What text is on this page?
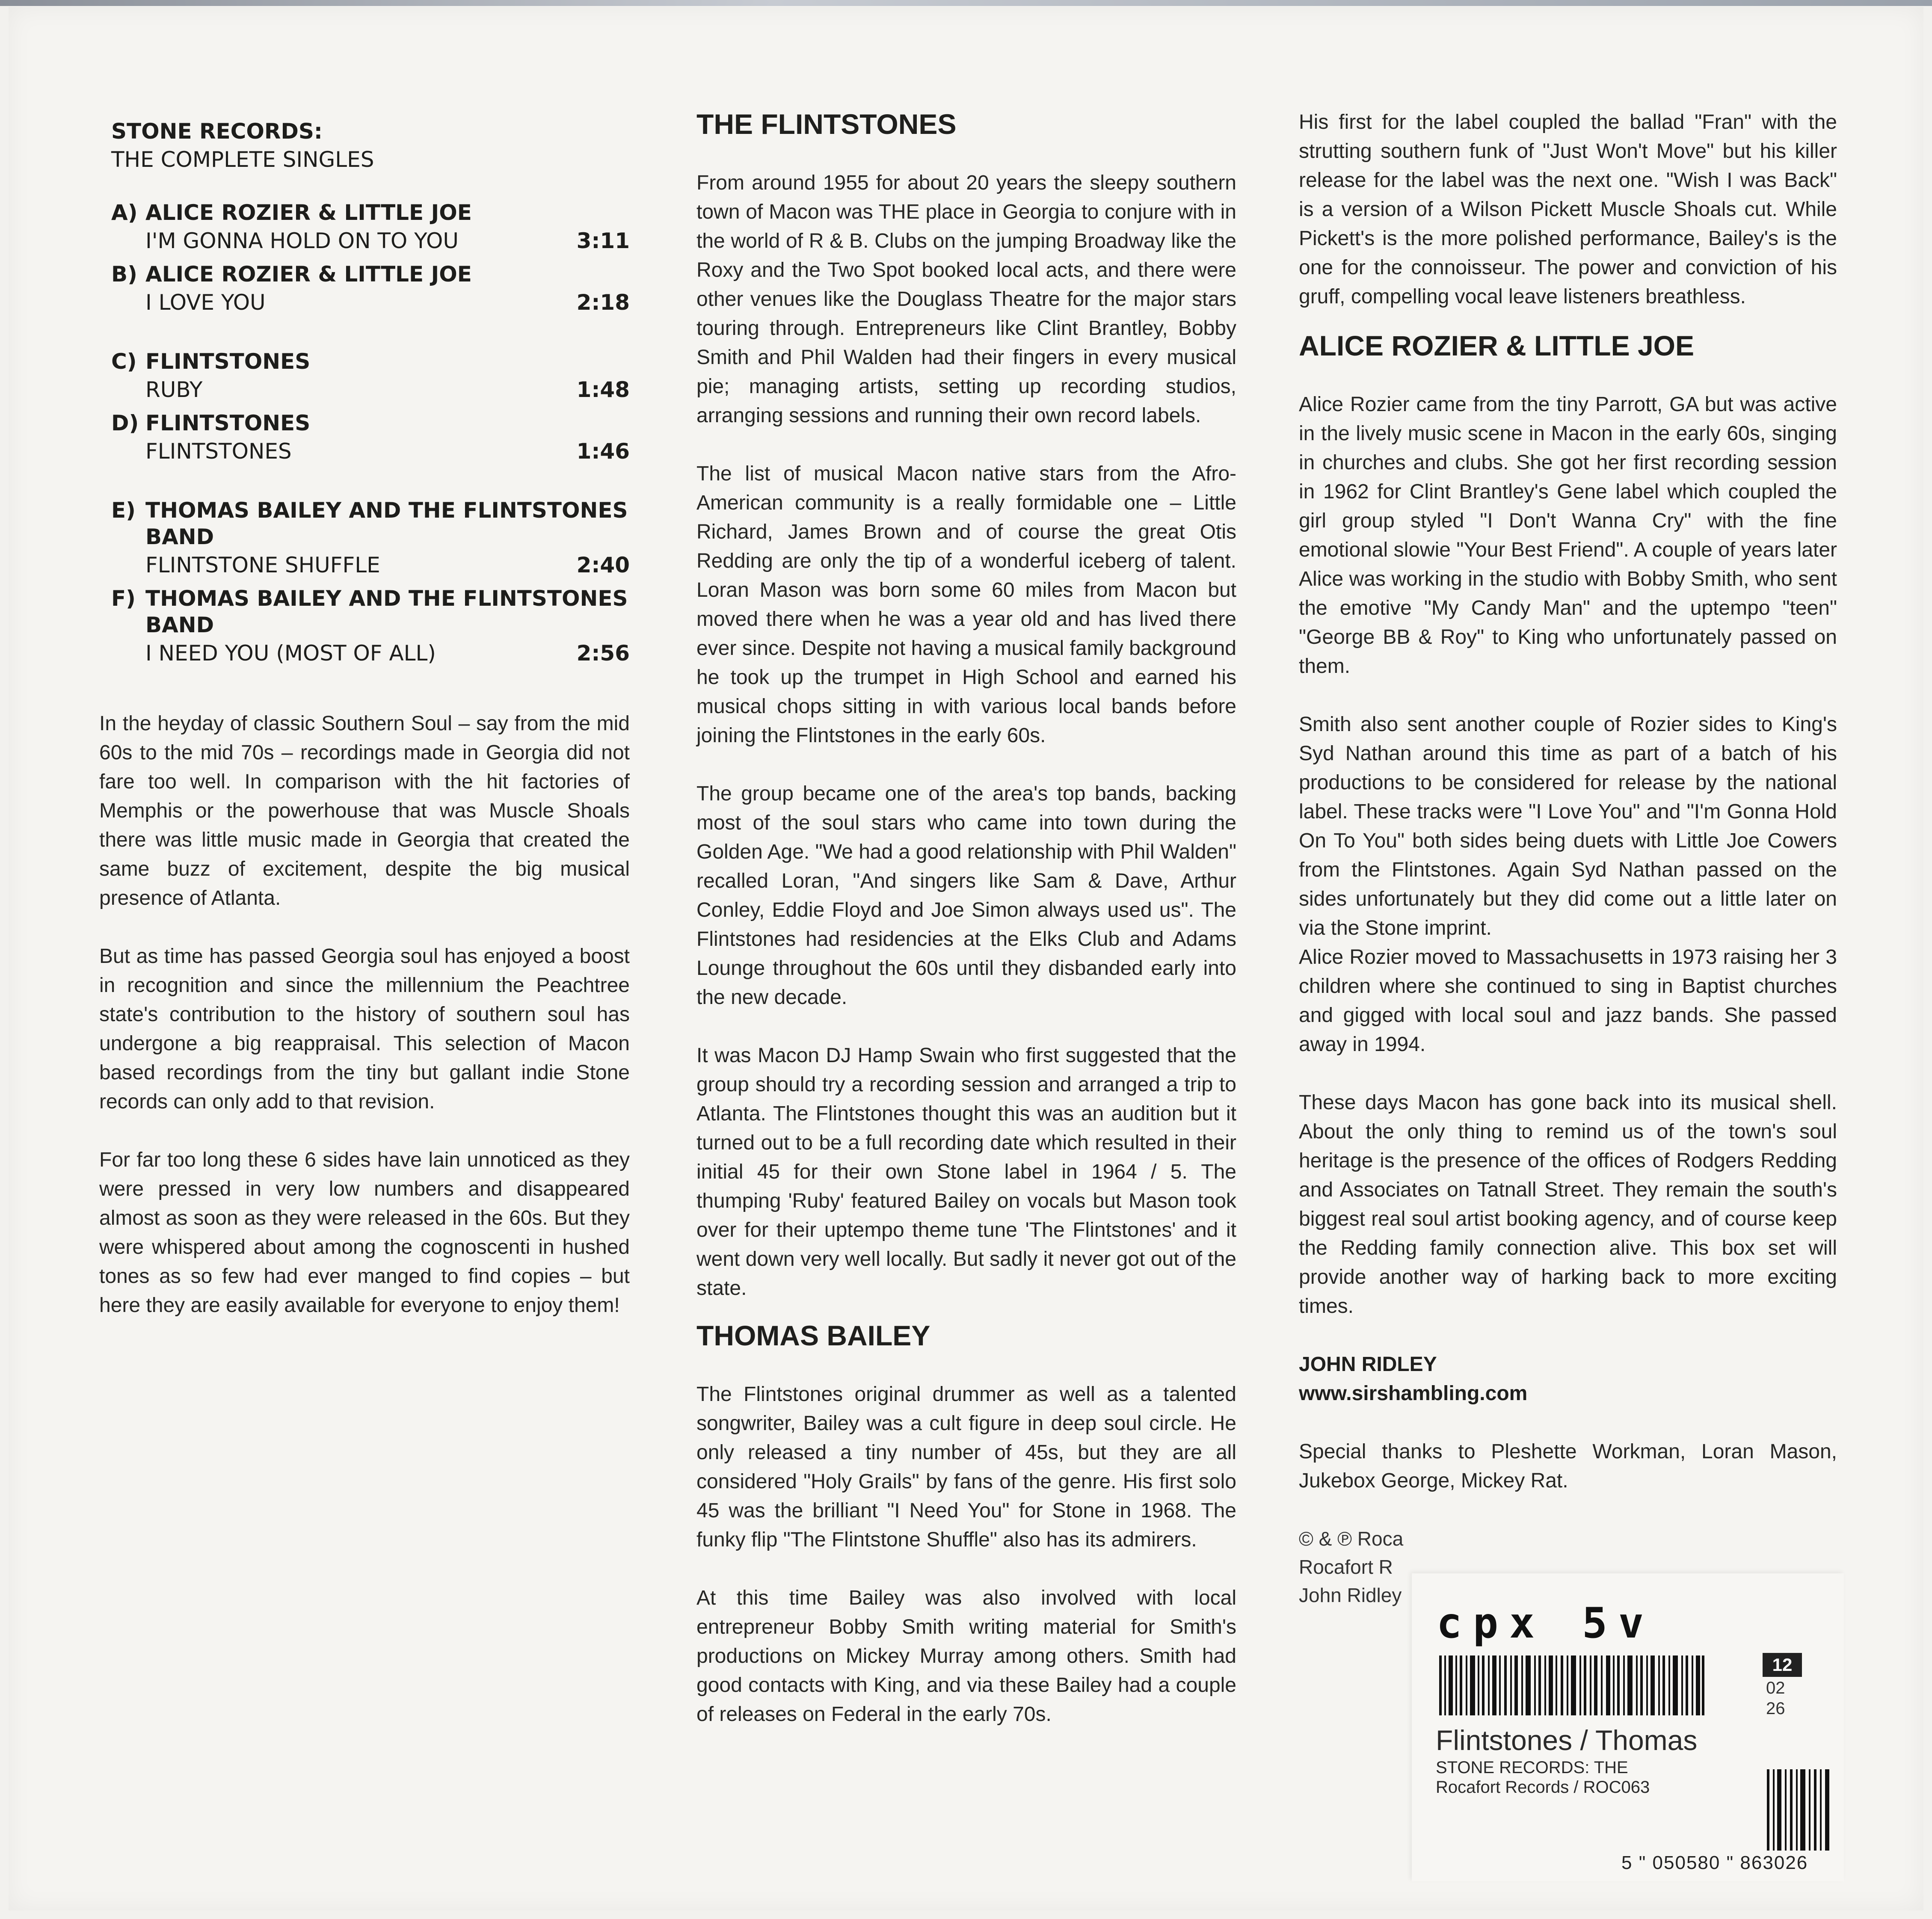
STONE RECORDS:
THE COMPLETE SINGLES
A) ALICE ROZIER & LITTLE JOE
I'M GONNA HOLD ON TO YOU	3:11
B) ALICE ROZIER & LITTLE JOE
I LOVE YOU	2:18
C) FLINTSTONES
RUBY	1:48
D) FLINTSTONES
FLINTSTONES	1:46
E) THOMAS BAILEY AND THE FLINTSTONES BAND
FLINTSTONE SHUFFLE	2:40
F) THOMAS BAILEY AND THE FLINTSTONES BAND
I NEED YOU (MOST OF ALL)	2:56

In the heyday of classic Southern Soul – say from the mid 60s to the mid 70s – recordings made in Georgia did not fare too well. In comparison with the hit factories of Memphis or the powerhouse that was Muscle Shoals there was little music made in Georgia that created the same buzz of excitement, despite the big musical presence of Atlanta.

But as time has passed Georgia soul has enjoyed a boost in recognition and since the millennium the Peachtree state's contribution to the history of southern soul has undergone a big reappraisal. This selection of Macon based recordings from the tiny but gallant indie Stone records can only add to that revision.

For far too long these 6 sides have lain unnoticed as they were pressed in very low numbers and disappeared almost as soon as they were released in the 60s. But they were whispered about among the cognoscenti in hushed tones as so few had ever manged to find copies – but here they are easily available for everyone to enjoy them!

THE FLINTSTONES

From around 1955 for about 20 years the sleepy southern town of Macon was THE place in Georgia to conjure with in the world of R & B. Clubs on the jumping Broadway like the Roxy and the Two Spot booked local acts, and there were other venues like the Douglass Theatre for the major stars touring through. Entrepreneurs like Clint Brantley, Bobby Smith and Phil Walden had their fingers in every musical pie; managing artists, setting up recording studios, arranging sessions and running their own record labels.

The list of musical Macon native stars from the Afro-American community is a really formidable one – Little Richard, James Brown and of course the great Otis Redding are only the tip of a wonderful iceberg of talent. Loran Mason was born some 60 miles from Macon but moved there when he was a year old and has lived there ever since. Despite not having a musical family background he took up the trumpet in High School and earned his musical chops sitting in with various local bands before joining the Flintstones in the early 60s.

The group became one of the area's top bands, backing most of the soul stars who came into town during the Golden Age. "We had a good relationship with Phil Walden" recalled Loran, "And singers like Sam & Dave, Arthur Conley, Eddie Floyd and Joe Simon always used us". The Flintstones had residencies at the Elks Club and Adams Lounge throughout the 60s until they disbanded early into the new decade.

It was Macon DJ Hamp Swain who first suggested that the group should try a recording session and arranged a trip to Atlanta. The Flintstones thought this was an audition but it turned out to be a full recording date which resulted in their initial 45 for their own Stone label in 1964 / 5. The thumping 'Ruby' featured Bailey on vocals but Mason took over for their uptempo theme tune 'The Flintstones' and it went down very well locally. But sadly it never got out of the state.

THOMAS BAILEY

The Flintstones original drummer as well as a talented songwriter, Bailey was a cult figure in deep soul circle. He only released a tiny number of 45s, but they are all considered "Holy Grails" by fans of the genre. His first solo 45 was the brilliant "I Need You" for Stone in 1968. The funky flip "The Flintstone Shuffle" also has its admirers.

At this time Bailey was also involved with local entrepreneur Bobby Smith writing material for Smith's productions on Mickey Murray among others. Smith had good contacts with King, and via these Bailey had a couple of releases on Federal in the early 70s.

His first for the label coupled the ballad "Fran" with the strutting southern funk of "Just Won't Move" but his killer release for the label was the next one. "Wish I was Back" is a version of a Wilson Pickett Muscle Shoals cut. While Pickett's is the more polished performance, Bailey's is the one for the connoisseur. The power and conviction of his gruff, compelling vocal leave listeners breathless.

ALICE ROZIER & LITTLE JOE

Alice Rozier came from the tiny Parrott, GA but was active in the lively music scene in Macon in the early 60s, singing in churches and clubs. She got her first recording session in 1962 for Clint Brantley's Gene label which coupled the girl group styled "I Don't Wanna Cry" with the fine emotional slowie "Your Best Friend". A couple of years later Alice was working in the studio with Bobby Smith, who sent the emotive "My Candy Man" and the uptempo "teen" "George BB & Roy" to King who unfortunately passed on them.

Smith also sent another couple of Rozier sides to King's Syd Nathan around this time as part of a batch of his productions to be considered for release by the national label. These tracks were "I Love You" and "I'm Gonna Hold On To You" both sides being duets with Little Joe Cowers from the Flintstones. Again Syd Nathan passed on the sides unfortunately but they did come out a little later on via the Stone imprint.

Alice Rozier moved to Massachusetts in 1973 raising her 3 children where she continued to sing in Baptist churches and gigged with local soul and jazz bands. She passed away in 1994.

These days Macon has gone back into its musical shell. About the only thing to remind us of the town's soul heritage is the presence of the offices of Rodgers Redding and Associates on Tatnall Street. They remain the south's biggest real soul artist booking agency, and of course keep the Redding family connection alive. This box set will provide another way of harking back to more exciting times.

JOHN RIDLEY

www.sirshambling.com

Special thanks to Pleshette Workman, Loran Mason, Jukebox George, Mickey Rat.

© & ℗ Roca

Rocafort R

John Ridley

cpx 5v
12
02
26
Flintstones / Thomas
STONE RECORDS: THE
Rocafort Records / ROC063
5 " 050580 " 863026
